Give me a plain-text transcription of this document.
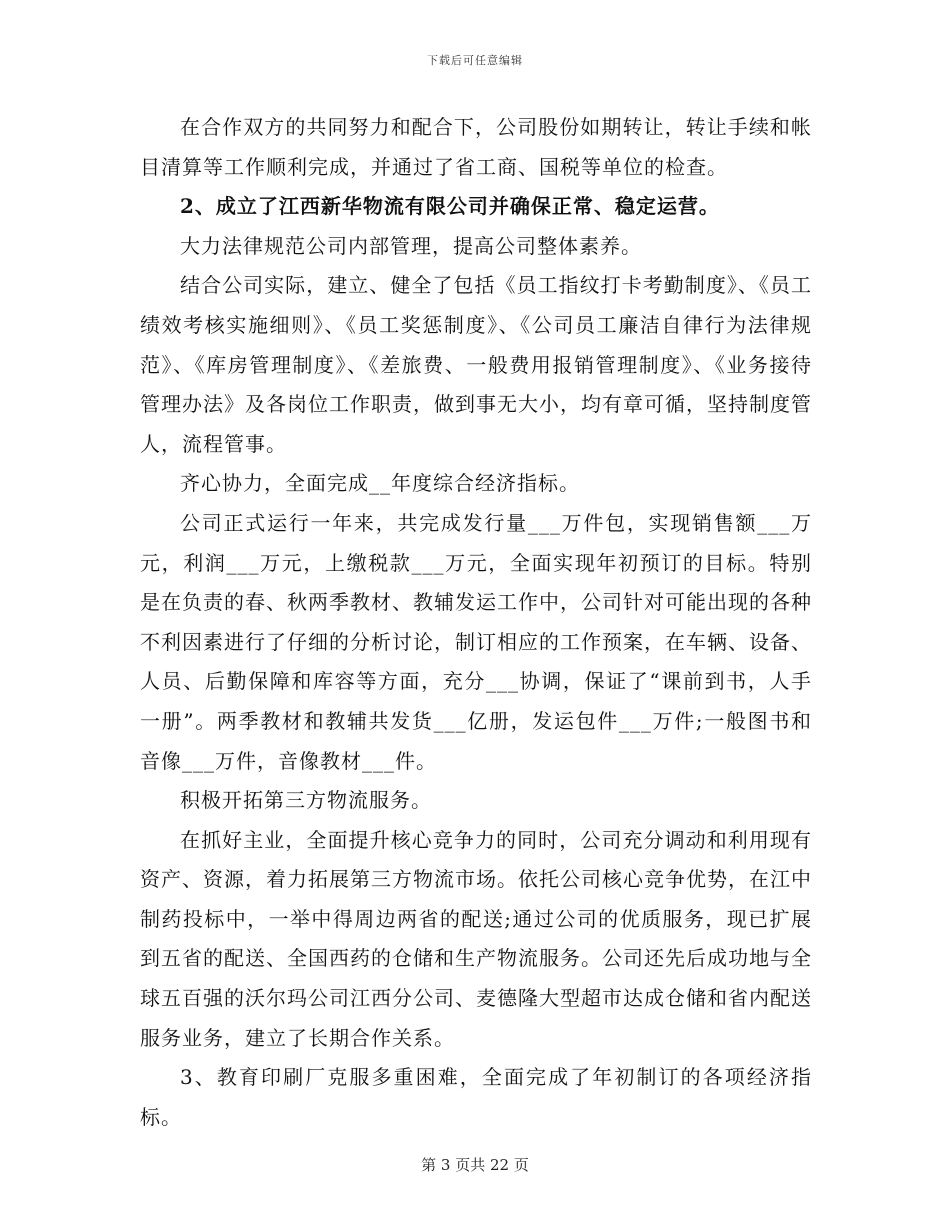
下载后可任意编辑

在合作双方的共同努力和配合下，公司股份如期转让，转让手续和帐目清算等工作顺利完成，并通过了省工商、国税等单位的检查。

2、成立了江西新华物流有限公司并确保正常、稳定运营。

大力法律规范公司内部管理，提高公司整体素养。

结合公司实际，建立、健全了包括《员工指纹打卡考勤制度》、《员工绩效考核实施细则》、《员工奖惩制度》、《公司员工廉洁自律行为法律规范》、《库房管理制度》、《差旅费、一般费用报销管理制度》、《业务接待管理办法》及各岗位工作职责，做到事无大小，均有章可循，坚持制度管人，流程管事。

齐心协力，全面完成__年度综合经济指标。

公司正式运行一年来，共完成发行量___万件包，实现销售额___万元，利润___万元，上缴税款___万元，全面实现年初预订的目标。特别是在负责的春、秋两季教材、教辅发运工作中，公司针对可能出现的各种不利因素进行了仔细的分析讨论，制订相应的工作预案，在车辆、设备、人员、后勤保障和库容等方面，充分___协调，保证了“课前到书，人手一册”。两季教材和教辅共发货___亿册，发运包件___万件;一般图书和音像___万件，音像教材___件。

积极开拓第三方物流服务。

在抓好主业，全面提升核心竞争力的同时，公司充分调动和利用现有资产、资源，着力拓展第三方物流市场。依托公司核心竞争优势，在江中制药投标中，一举中得周边两省的配送;通过公司的优质服务，现已扩展到五省的配送、全国西药的仓储和生产物流服务。公司还先后成功地与全球五百强的沃尔玛公司江西分公司、麦德隆大型超市达成仓储和省内配送服务业务，建立了长期合作关系。

3、教育印刷厂克服多重困难，全面完成了年初制订的各项经济指标。

第 3 页共 22 页
